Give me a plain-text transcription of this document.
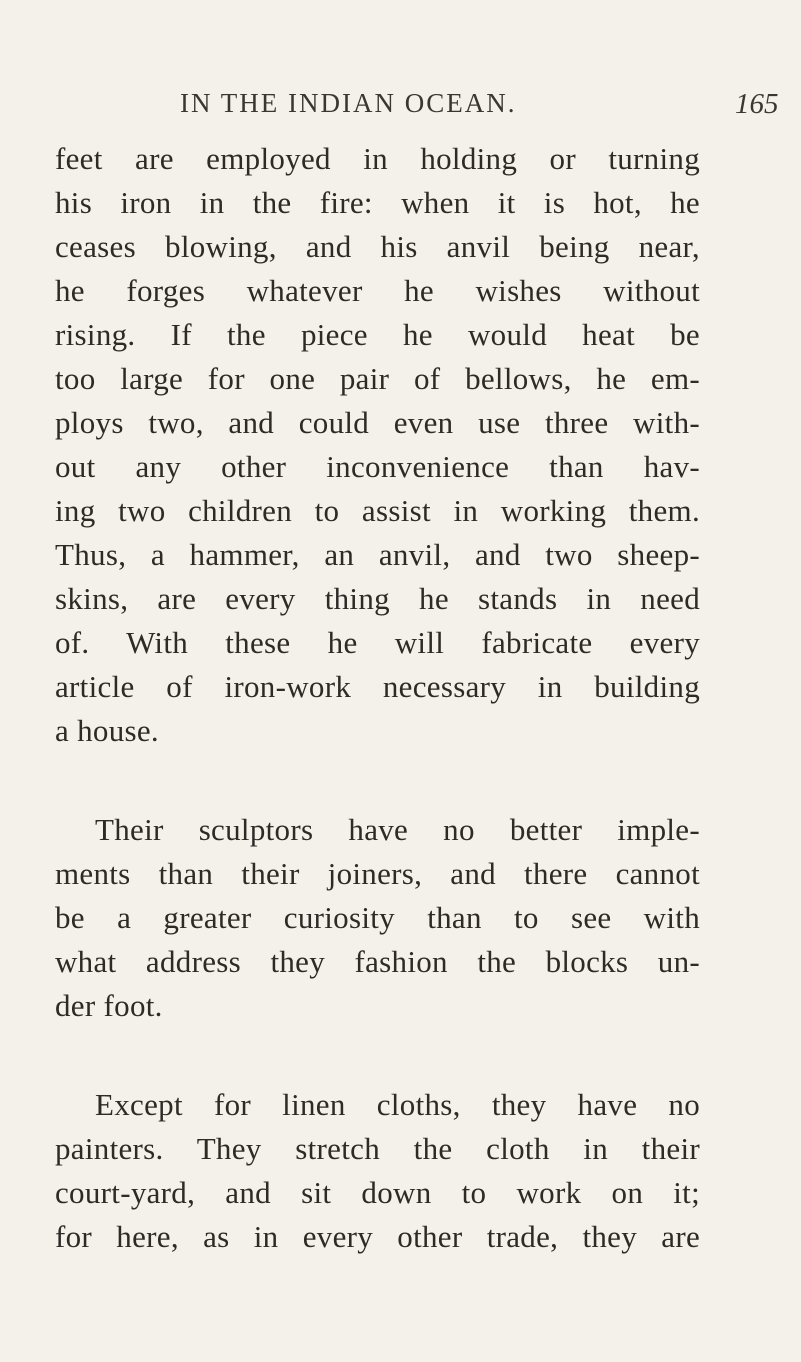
IN THE INDIAN OCEAN.	165
feet are employed in holding or turning
his iron in the fire: when it is hot, he
ceases blowing, and his anvil being near,
he forges whatever he wishes without
rising. If the piece he would heat be
too large for one pair of bellows, he em-
ploys two, and could even use three with-
out any other inconvenience than hav-
ing two children to assist in working them.
Thus, a hammer, an anvil, and two sheep-
skins, are every thing he stands in need
of. With these he will fabricate every
article of iron-work necessary in building
a house.
Their sculptors have no better imple-
ments than their joiners, and there cannot
be a greater curiosity than to see with
what address they fashion the blocks un-
der foot.
Except for linen cloths, they have no
painters. They stretch the cloth in their
court-yard, and sit down to work on it;
for here, as in every other trade, they are
